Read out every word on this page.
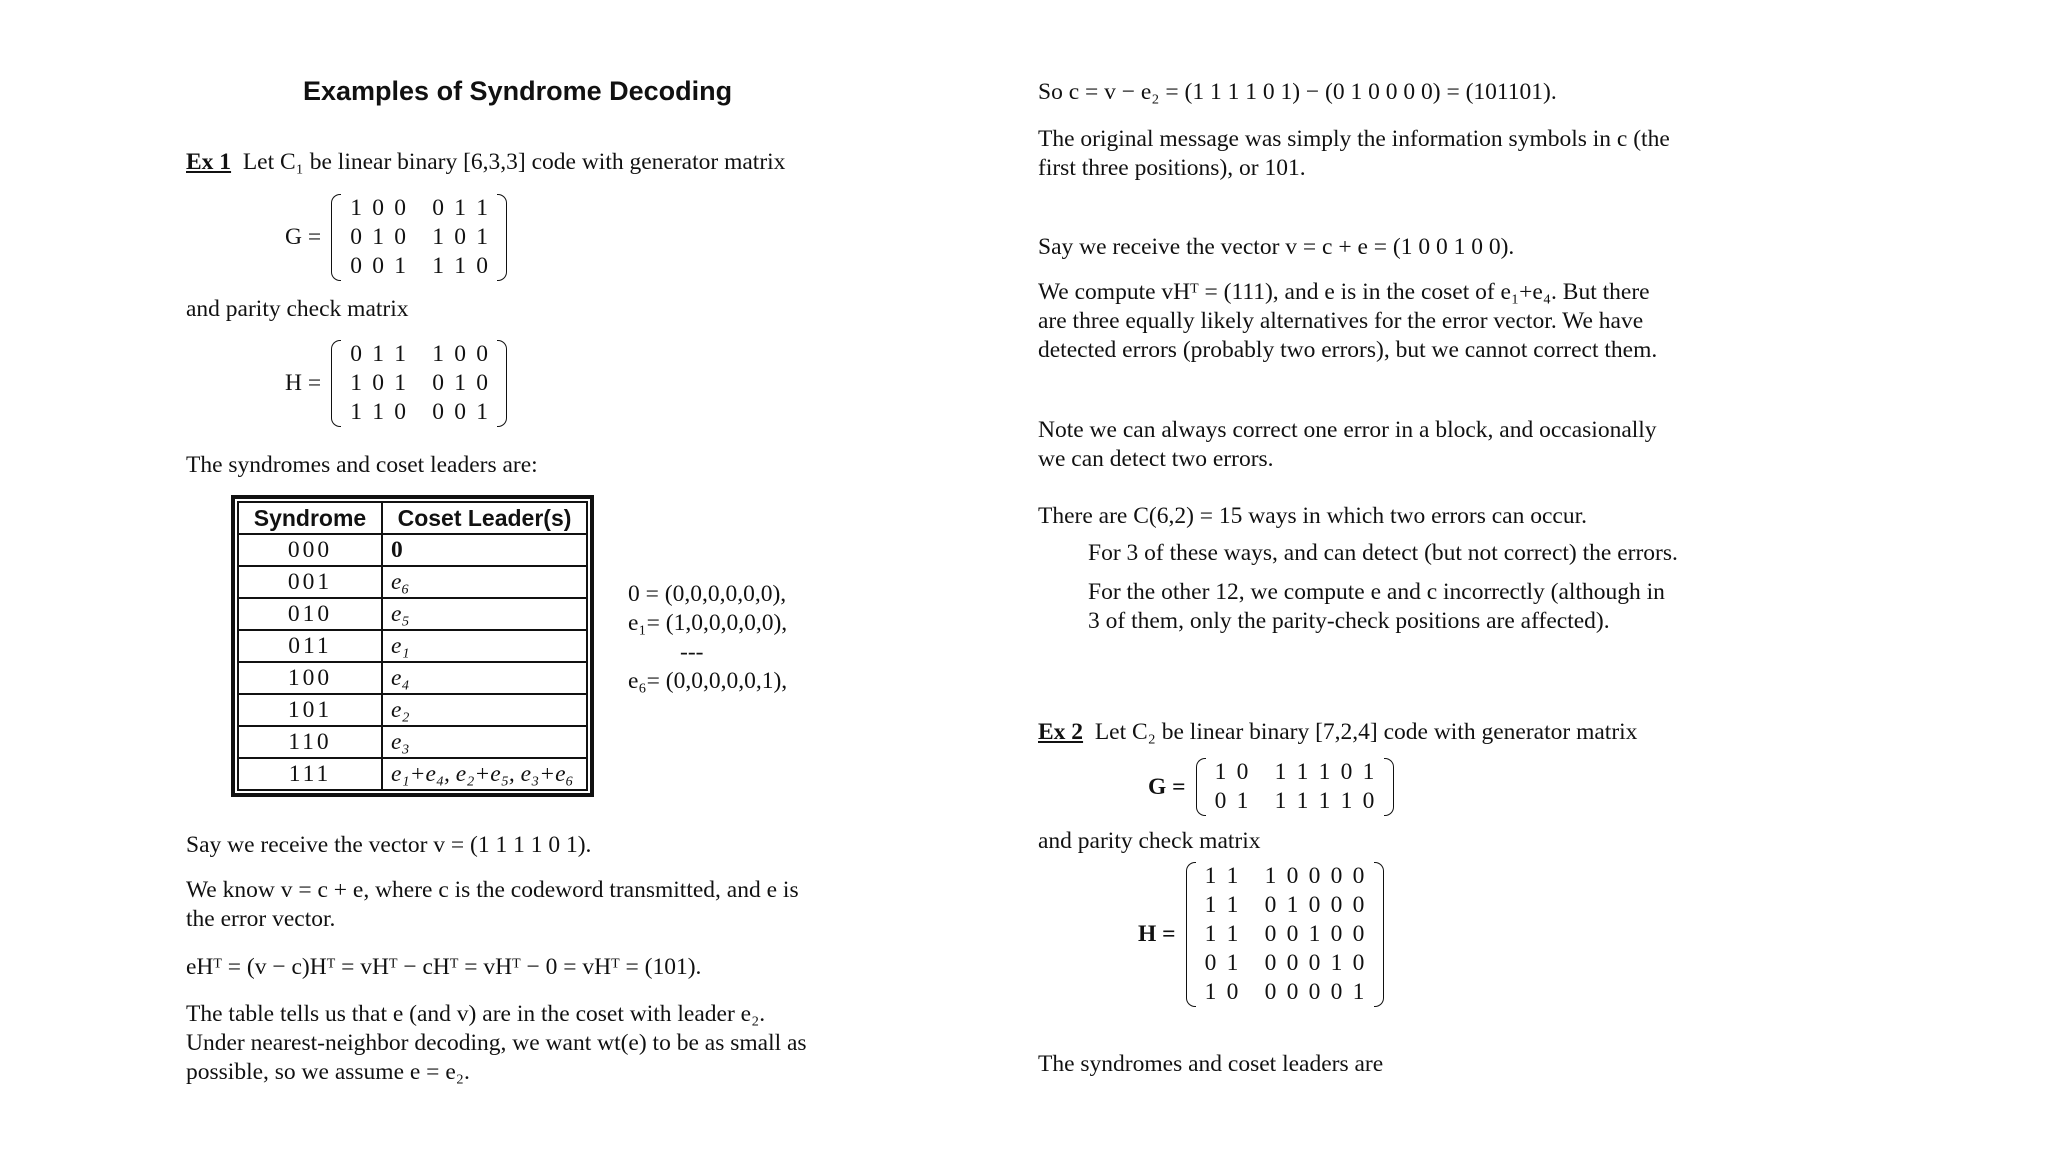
Examples of Syndrome Decoding
Ex 1 Let C₁ be linear binary [6,3,3] code with generator matrix
G =
1 0 0 0 1 1
0 1 0 1 0 1
0 0 1 1 1 0
and parity check matrix
H =
0 1 1 1 0 0
1 0 1 0 1 0
1 1 0 0 0 1
The syndromes and coset leaders are:
Syndrome	Coset Leader(s)
000	0
001	e₆
010	e₅
011	e₁
100	e₄
101	e₂
110	e₃
111	e₁+e₄, e₂+e₅, e₃+e₆
0 = (0,0,0,0,0,0),
e₁= (1,0,0,0,0,0),
---
e₆= (0,0,0,0,0,1),
Say we receive the vector v = (1 1 1 1 0 1).
We know v = c + e, where c is the codeword transmitted, and e is
the error vector.
eHᵀ = (v − c)Hᵀ = vHᵀ − cHᵀ = vHᵀ − 0 = vHᵀ = (101).
The table tells us that e (and v) are in the coset with leader e₂.
Under nearest-neighbor decoding, we want wt(e) to be as small as
possible, so we assume e = e₂.
So c = v − e₂ = (1 1 1 1 0 1) − (0 1 0 0 0 0) = (101101).
The original message was simply the information symbols in c (the
first three positions), or 101.
Say we receive the vector v = c + e = (1 0 0 1 0 0).
We compute vHᵀ = (111), and e is in the coset of e₁+e₄. But there
are three equally likely alternatives for the error vector. We have
detected errors (probably two errors), but we cannot correct them.
Note we can always correct one error in a block, and occasionally
we can detect two errors.
There are C(6,2) = 15 ways in which two errors can occur.
For 3 of these ways, and can detect (but not correct) the errors.
For the other 12, we compute e and c incorrectly (although in
3 of them, only the parity-check positions are affected).
Ex 2 Let C₂ be linear binary [7,2,4] code with generator matrix
G =
1 0 1 1 1 0 1
0 1 1 1 1 1 0
and parity check matrix
H =
1 1 1 0 0 0 0
1 1 0 1 0 0 0
1 1 0 0 1 0 0
0 1 0 0 0 1 0
1 0 0 0 0 0 1
The syndromes and coset leaders are
